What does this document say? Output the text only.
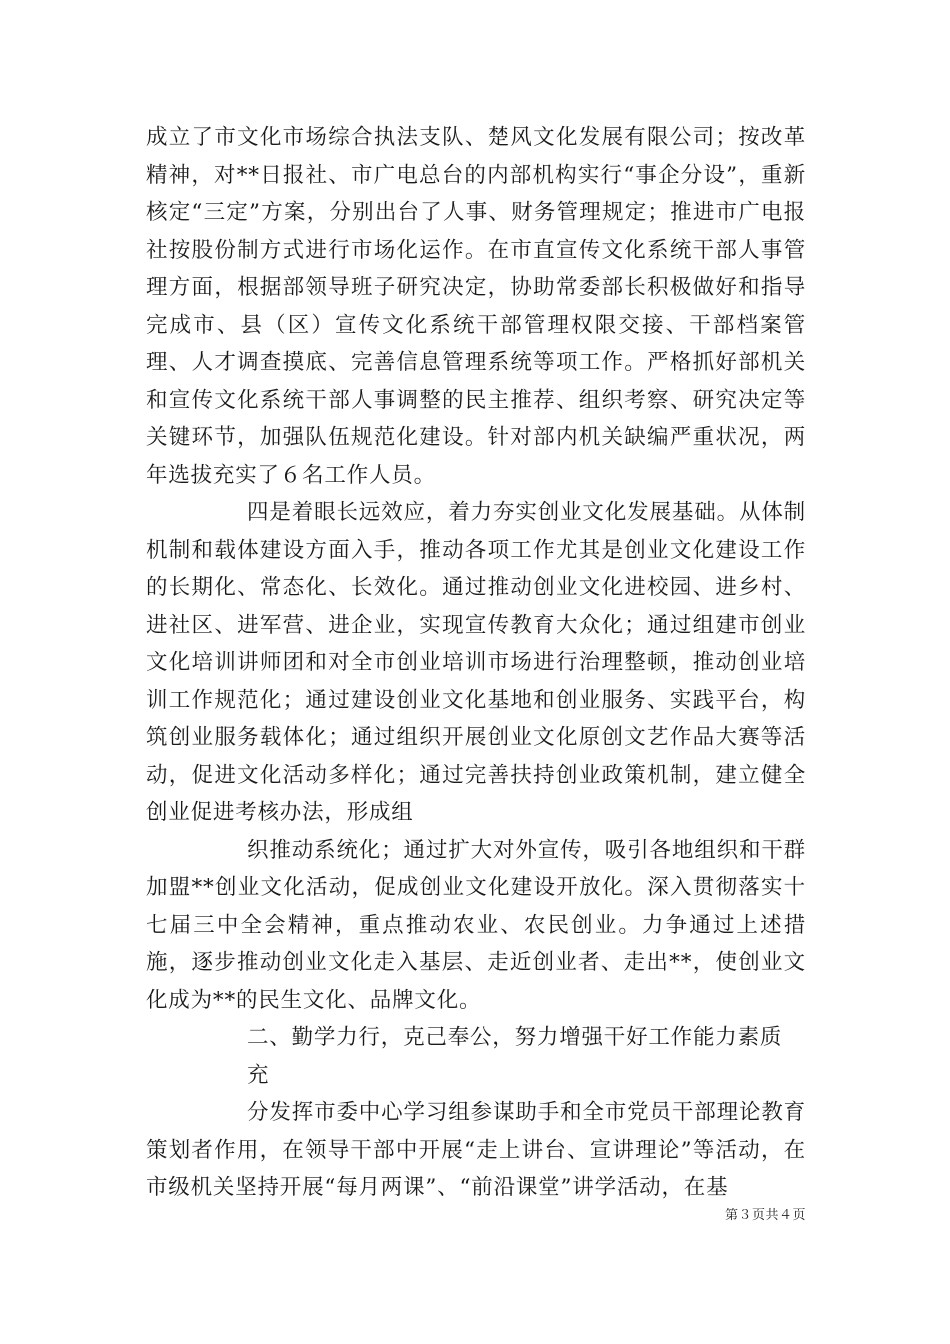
成立了市文化市场综合执法支队、楚风文化发展有限公司；按改革精神，对**日报社、市广电总台的内部机构实行“事企分设”，重新核定“三定”方案，分别出台了人事、财务管理规定；推进市广电报社按股份制方式进行市场化运作。在市直宣传文化系统干部人事管理方面，根据部领导班子研究决定，协助常委部长积极做好和指导完成市、县（区）宣传文化系统干部管理权限交接、干部档案管理、人才调查摸底、完善信息管理系统等项工作。严格抓好部机关和宣传文化系统干部人事调整的民主推荐、组织考察、研究决定等关键环节，加强队伍规范化建设。针对部内机关缺编严重状况，两年选拔充实了６名工作人员。

四是着眼长远效应，着力夯实创业文化发展基础。从体制机制和载体建设方面入手，推动各项工作尤其是创业文化建设工作的长期化、常态化、长效化。通过推动创业文化进校园、进乡村、进社区、进军营、进企业，实现宣传教育大众化；通过组建市创业文化培训讲师团和对全市创业培训市场进行治理整顿，推动创业培训工作规范化；通过建设创业文化基地和创业服务、实践平台，构筑创业服务载体化；通过组织开展创业文化原创文艺作品大赛等活动，促进文化活动多样化；通过完善扶持创业政策机制，建立健全创业促进考核办法，形成组

织推动系统化；通过扩大对外宣传，吸引各地组织和干群加盟**创业文化活动，促成创业文化建设开放化。深入贯彻落实十七届三中全会精神，重点推动农业、农民创业。力争通过上述措施，逐步推动创业文化走入基层、走近创业者、走出**，使创业文化成为**的民生文化、品牌文化。

二、勤学力行，克己奉公，努力增强干好工作能力素质

充

分发挥市委中心学习组参谋助手和全市党员干部理论教育策划者作用，在领导干部中开展“走上讲台、宣讲理论”等活动，在市级机关坚持开展“每月两课”、“前沿课堂”讲学活动，在基

第３页共４页
